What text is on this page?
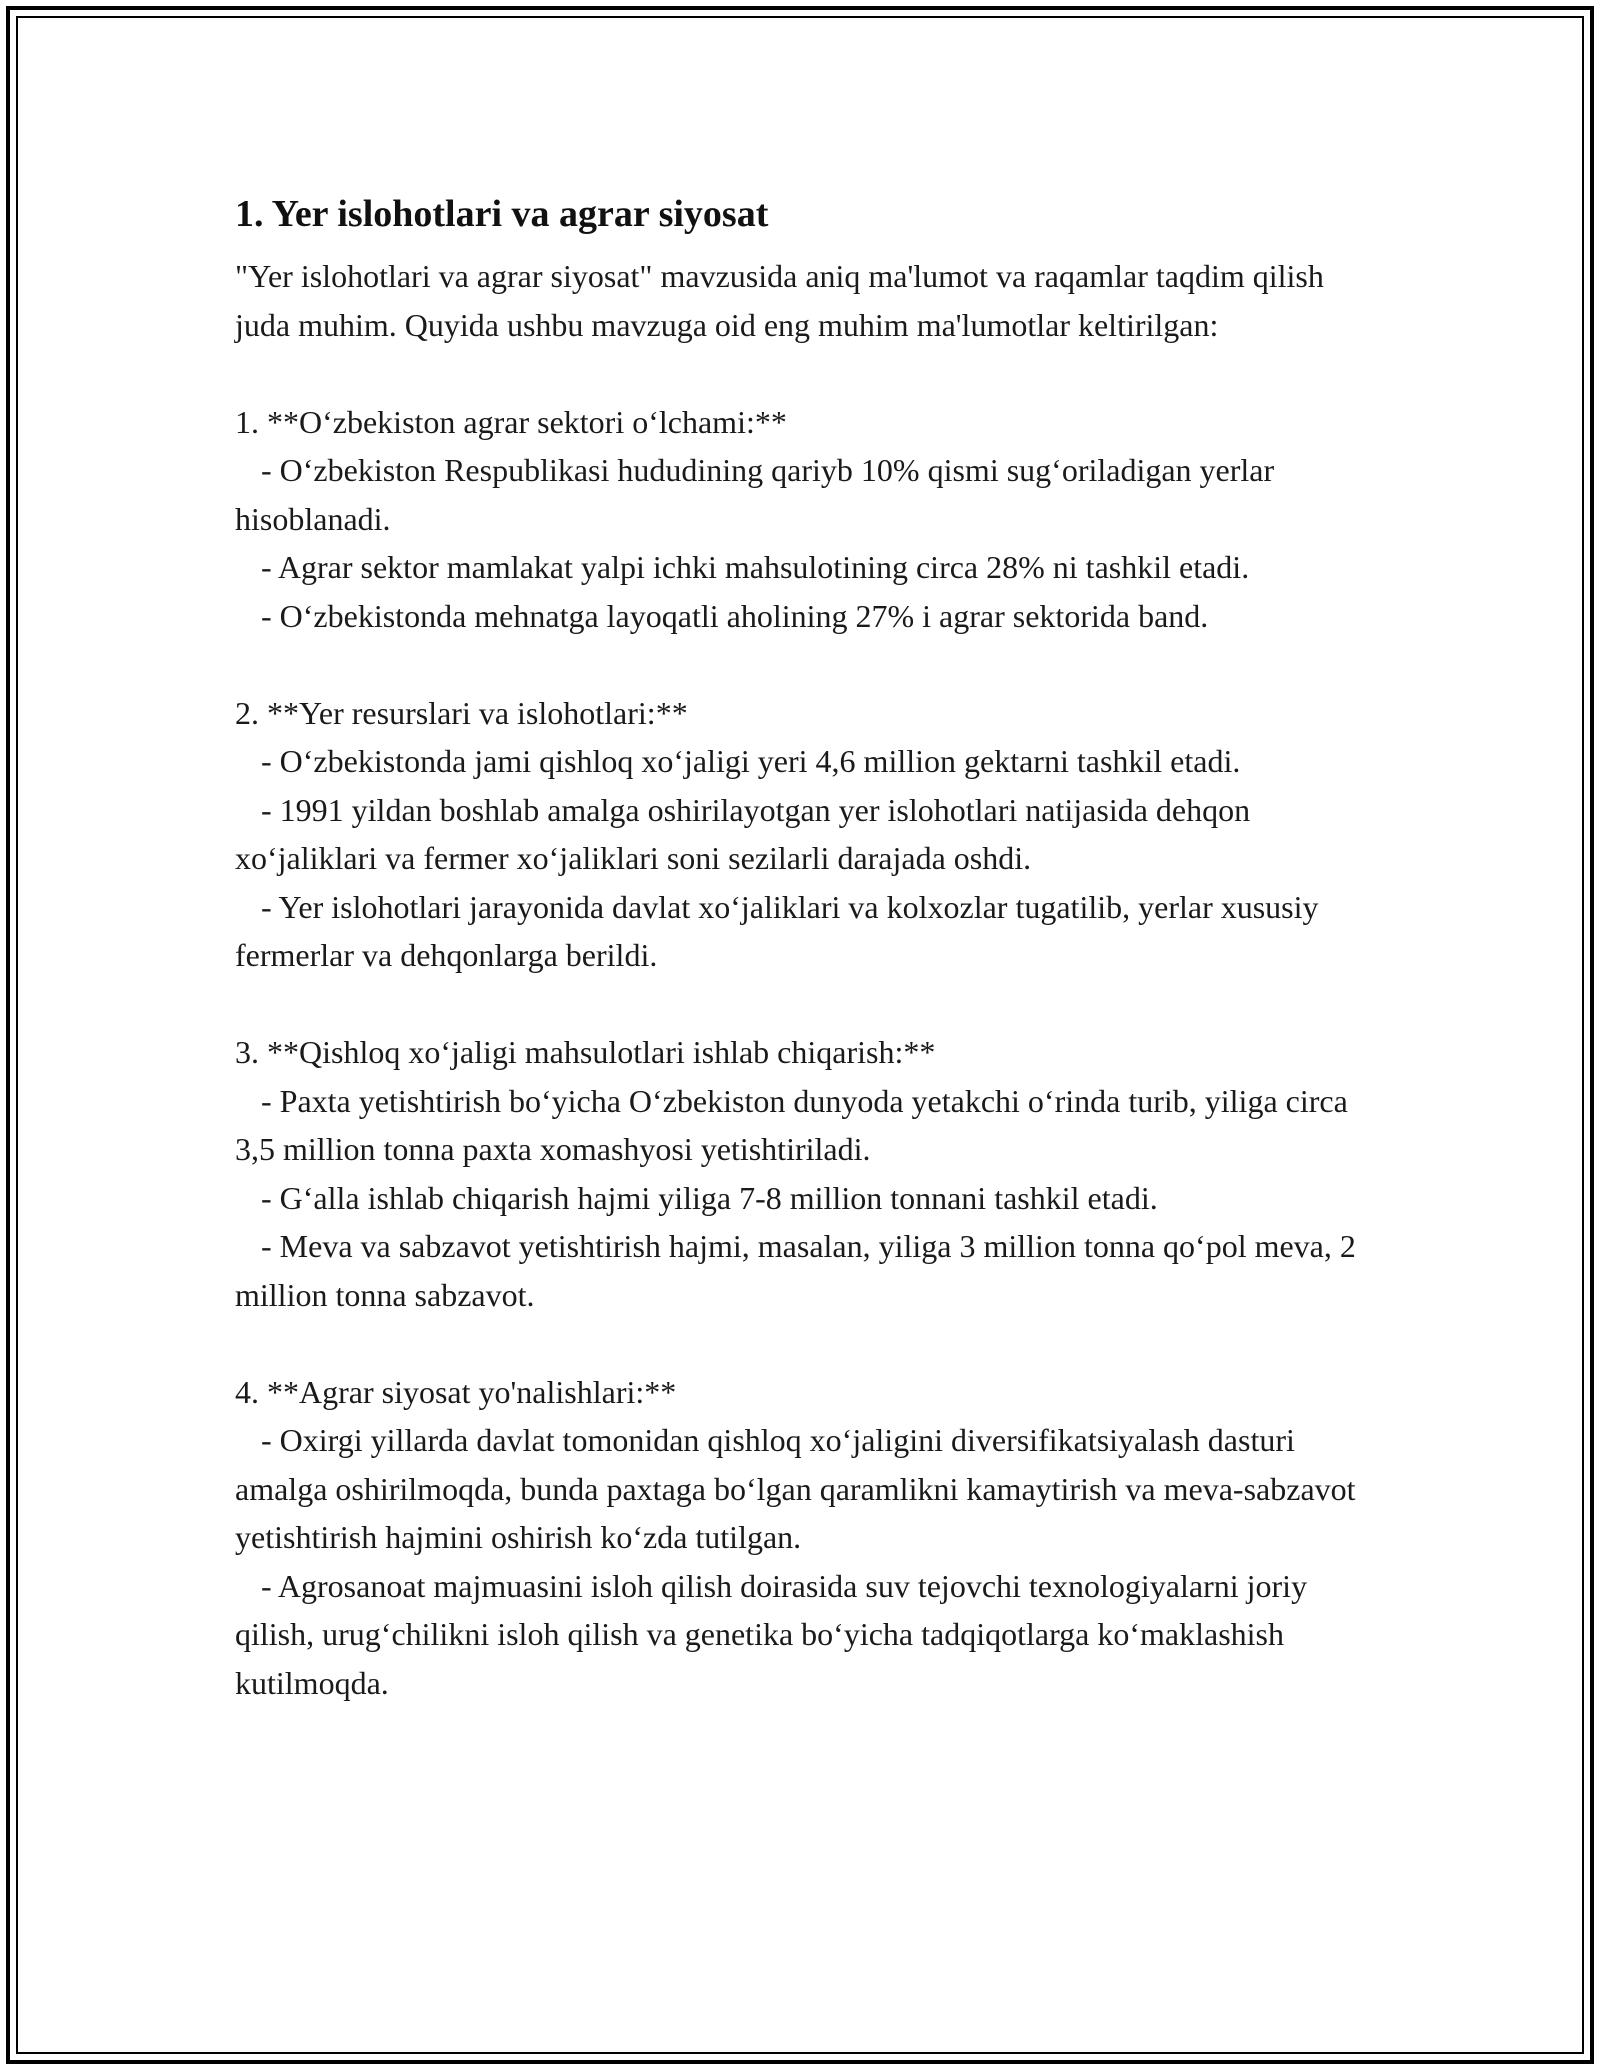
1. Yer islohotlari va agrar siyosat

"Yer islohotlari va agrar siyosat" mavzusida aniq ma'lumot va raqamlar taqdim qilish juda muhim. Quyida ushbu mavzuga oid eng muhim ma'lumotlar keltirilgan:

1. **Oʻzbekiston agrar sektori oʻlchami:**

- Oʻzbekiston Respublikasi hududining qariyb 10% qismi sugʻoriladigan yerlar hisoblanadi.

- Agrar sektor mamlakat yalpi ichki mahsulotining circa 28% ni tashkil etadi.

- Oʻzbekistonda mehnatga layoqatli aholining 27% i agrar sektorida band.

2. **Yer resurslari va islohotlari:**

- Oʻzbekistonda jami qishloq xoʻjaligi yeri 4,6 million gektarni tashkil etadi.

- 1991 yildan boshlab amalga oshirilayotgan yer islohotlari natijasida dehqon xoʻjaliklari va fermer xoʻjaliklari soni sezilarli darajada oshdi.

- Yer islohotlari jarayonida davlat xoʻjaliklari va kolxozlar tugatilib, yerlar xususiy fermerlar va dehqonlarga berildi.

3. **Qishloq xoʻjaligi mahsulotlari ishlab chiqarish:**

- Paxta yetishtirish boʻyicha Oʻzbekiston dunyoda yetakchi oʻrinda turib, yiliga circa 3,5 million tonna paxta xomashyosi yetishtiriladi.

- Gʻalla ishlab chiqarish hajmi yiliga 7-8 million tonnani tashkil etadi.

- Meva va sabzavot yetishtirish hajmi, masalan, yiliga 3 million tonna qoʻpol meva, 2 million tonna sabzavot.

4. **Agrar siyosat yo'nalishlari:**

- Oxirgi yillarda davlat tomonidan qishloq xoʻjaligini diversifikatsiyalash dasturi amalga oshirilmoqda, bunda paxtaga boʻlgan qaramlikni kamaytirish va meva-sabzavot yetishtirish hajmini oshirish koʻzda tutilgan.

- Agrosanoat majmuasini isloh qilish doirasida suv tejovchi texnologiyalarni joriy qilish, urugʻchilikni isloh qilish va genetika boʻyicha tadqiqotlarga koʻmaklashish kutilmoqda.
